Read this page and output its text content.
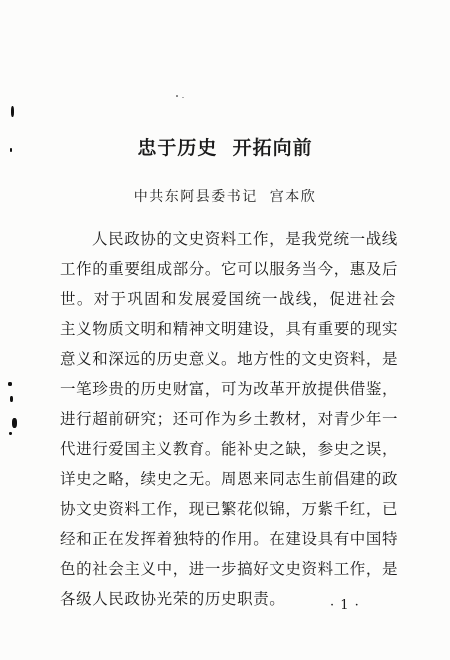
忠于历史  开拓向前
中共东阿县委书记  宫本欣
人民政协的文史资料工作，是我党统一战线
工作的重要组成部分。它可以服务当今，惠及后
世。对于巩固和发展爱国统一战线，促进社会
主义物质文明和精神文明建设，具有重要的现实
意义和深远的历史意义。地方性的文史资料，是
一笔珍贵的历史财富，可为改革开放提供借鉴，
进行超前研究；还可作为乡土教材，对青少年一
代进行爱国主义教育。能补史之缺，参史之误，
详史之略，续史之无。周恩来同志生前倡建的政
协文史资料工作，现已繁花似锦，万紫千红，已
经和正在发挥着独特的作用。在建设具有中国特
色的社会主义中，进一步搞好文史资料工作，是
各级人民政协光荣的历史职责。	· 1 ·
